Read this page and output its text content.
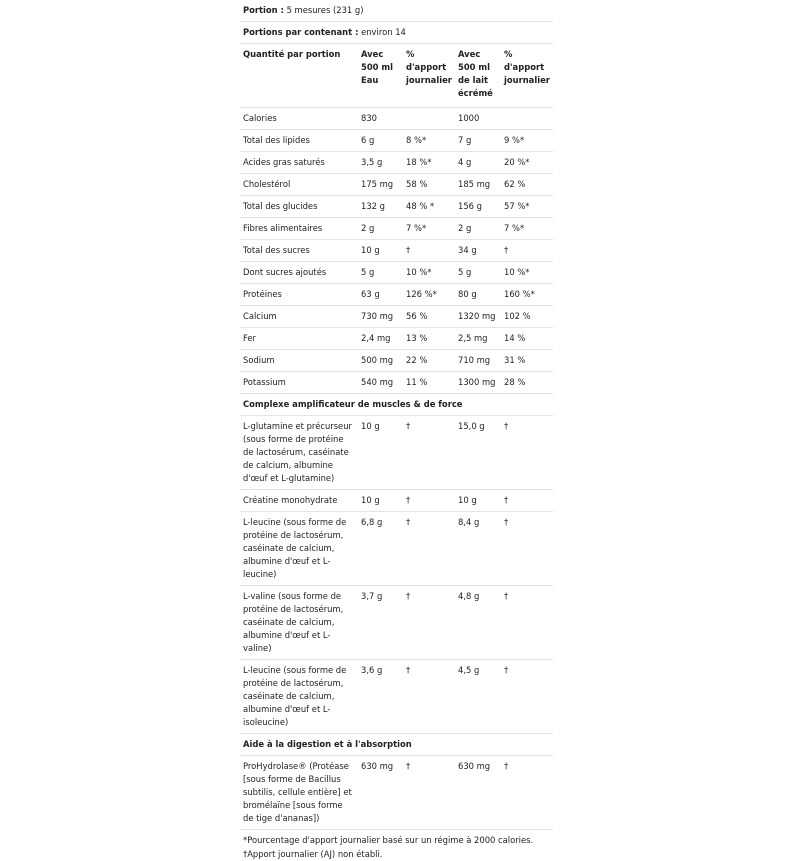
Portion : 5 mesures (231 g)
Portions par contenant : environ 14
Quantité par portion	Avec 500 ml Eau	% d'apport journalier	Avec 500 ml de lait écrémé	% d'apport journalier
Calories	830		1000	
Total des lipides	6 g	8 %*	7 g	9 %*
Acides gras saturés	3,5 g	18 %*	4 g	20 %*
Cholestérol	175 mg	58 %	185 mg	62 %
Total des glucides	132 g	48 % *	156 g	57 %*
Fibres alimentaires	2 g	7 %*	2 g	7 %*
Total des sucres	10 g	†	34 g	†
Dont sucres ajoutés	5 g	10 %*	5 g	10 %*
Protéines	63 g	126 %*	80 g	160 %*
Calcium	730 mg	56 %	1320 mg	102 %
Fer	2,4 mg	13 %	2,5 mg	14 %
Sodium	500 mg	22 %	710 mg	31 %
Potassium	540 mg	11 %	1300 mg	28 %
Complexe amplificateur de muscles & de force				
L-glutamine et précurseur (sous forme de protéine de lactosérum, caséinate de calcium, albumine d'œuf et L-glutamine)	10 g	†	15,0 g	†
Créatine monohydrate	10 g	†	10 g	†
L-leucine (sous forme de protéine de lactosérum, caséinate de calcium, albumine d'œuf et L-leucine)	6,8 g	†	8,4 g	†
L-valine (sous forme de protéine de lactosérum, caséinate de calcium, albumine d'œuf et L-valine)	3,7 g	†	4,8 g	†
L-leucine (sous forme de protéine de lactosérum, caséinate de calcium, albumine d'œuf et L-isoleucine)	3,6 g	†	4,5 g	†
Aide à la digestion et à l'absorption				
ProHydrolase® (Protéase [sous forme de Bacillus subtilis, cellule entière] et bromélaïne [sous forme de tige d'ananas])	630 mg	†	630 mg	†
*Pourcentage d'apport journalier basé sur un régime à 2000 calories.
†Apport journalier (AJ) non établi.
